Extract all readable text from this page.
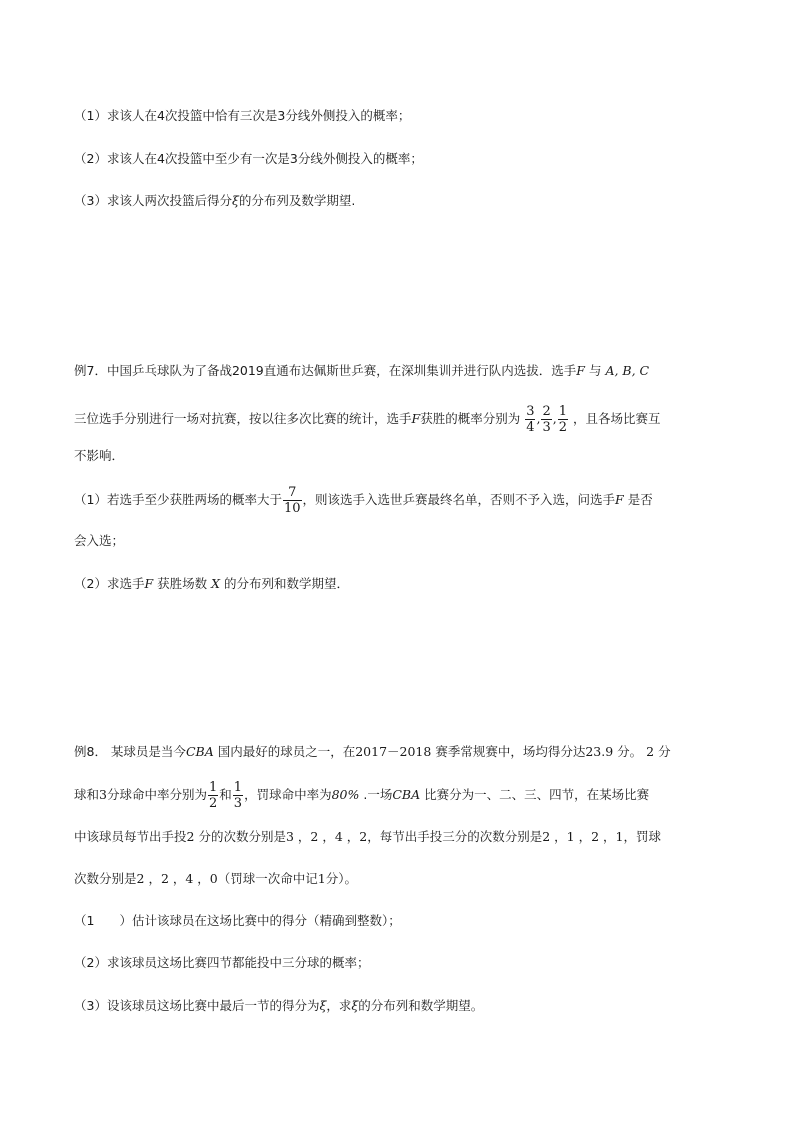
（1）求该人在4次投篮中恰有三次是3分线外侧投入的概率；
（2）求该人在4次投篮中至少有一次是3分线外侧投入的概率；
（3）求该人两次投篮后得分ξ的分布列及数学期望.
例7．中国乒乓球队为了备战2019直通布达佩斯世乒赛，在深圳集训并进行队内选拔．选手F 与 A, B, C
三位选手分别进行一场对抗赛，按以往多次比赛的统计，选手F获胜的概率分别为 $\frac{3}{4}$ , $\frac{2}{3}$ , $\frac{1}{2}$ ，且各场比赛互
不影响．
（1）若选手至少获胜两场的概率大于 $\frac{7}{10}$ ，则该选手入选世乒赛最终名单，否则不予入选，问选手F 是否
会入选；
（2）求选手F 获胜场数 X 的分布列和数学期望．
例8． 某球员是当今CBA 国内最好的球员之一，在2017－2018 赛季常规赛中，场均得分达23.9 分。 2 分
球和3分球命中率分别为 $\frac{1}{2}$ 和 $\frac{1}{3}$ ，罚球命中率为80% .一场CBA 比赛分为一、二、三、四节，在某场比赛
中该球员每节出手投2 分的次数分别是3 ，2 ，4 ，2，每节出手投三分的次数分别是2 ，1 ，2 ，1，罚球
次数分别是2 ，2 ，4 ，0（罚球一次命中记1分）。
（1　　）估计该球员在这场比赛中的得分（精确到整数）；
（2）求该球员这场比赛四节都能投中三分球的概率；
（3）设该球员这场比赛中最后一节的得分为ξ，求ξ的分布列和数学期望。
